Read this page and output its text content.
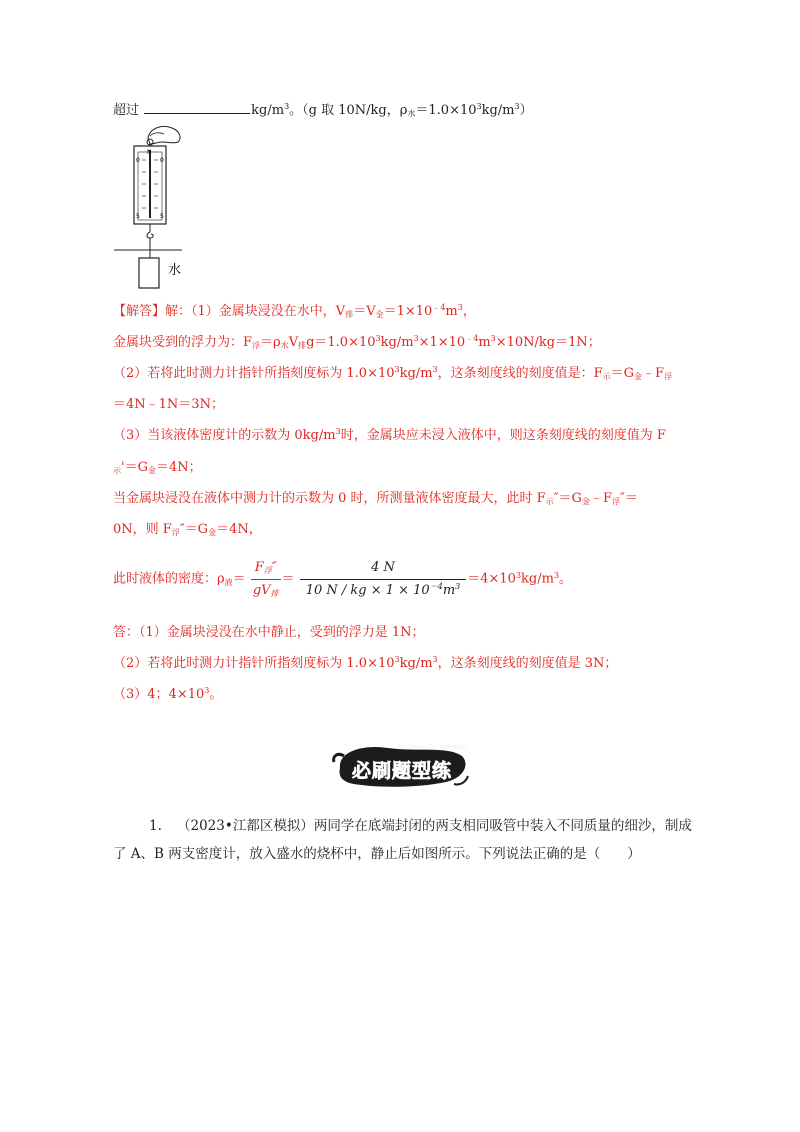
超过	$kg/m^3$。（g 取 10N/kg，$\rho_水=1.0\times 10^3kg/m^3$）
N
0	0
5	5
水
【解答】解：（1）金属块浸没在水中，$V_排=V_金=1\times 10^{﹣4}m^3$，
金属块受到的浮力为：$F_浮=\rho_水V_排g=1.0\times 10^3kg/m^3\times 1\times 10^{﹣4}m^3\times 10N/kg=1N$；
（2）若将此时测力计指针所指刻度标为 $1.0\times 10^3kg/m^3$，这条刻度线的刻度值是：$F_示=G_金﹣F_浮$
＝4N﹣1N＝3N；
（3）当该液体密度计的示数为 $0kg/m^3$时，金属块应未浸入液体中，则这条刻度线的刻度值为 F
$_示'=G_金=4N$；
当金属块浸没在液体中测力计的示数为 0 时，所测量液体密度最大，此时 $F_示''=G_金﹣F_浮''=$
0N，则 $F_浮''=G_金=4N$，
此时液体的密度：$\rho_液= \frac{F_浮''}{gV_排} = \frac{4 N}{10 N / kg \times 1 \times 10^{-4}m^3} =4\times 10^3kg/m^3$。
答：（1）金属块浸没在水中静止，受到的浮力是 1N；
（2）若将此时测力计指针所指刻度标为 $1.0\times 10^3kg/m^3$，这条刻度线的刻度值是 3N；
（3）4；$4\times 10^3$。
Be Strive To Complete
必刷题型练
1. （2023•江都区模拟）两同学在底端封闭的两支相同吸管中装入不同质量的细沙，制成了 A、B 两支密度计，放入盛水的烧杯中，静止后如图所示。下列说法正确的是（　　）
